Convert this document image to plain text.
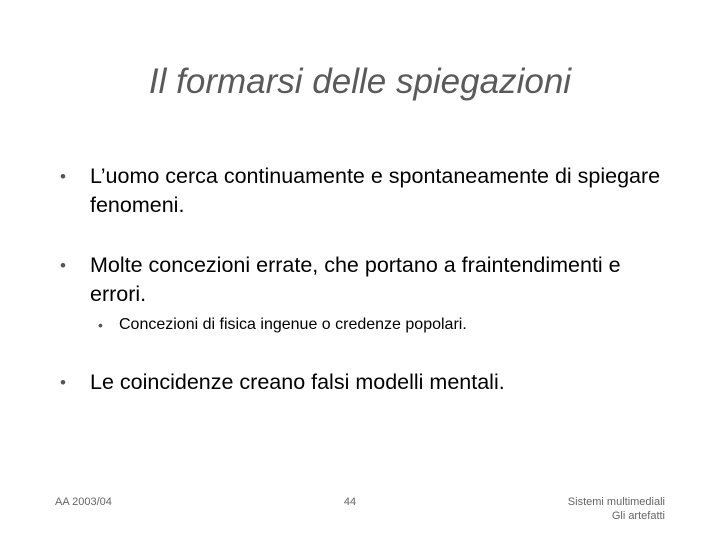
Il formarsi delle spiegazioni
•	L’uomo cerca continuamente e spontaneamente di spiegare fenomeni.
•	Molte concezioni errate, che portano a fraintendimenti e errori.
•	Concezioni di fisica ingenue o credenze popolari.
•	Le coincidenze creano falsi modelli mentali.
AA 2003/04	44	Sistemi multimediali
Gli artefatti
